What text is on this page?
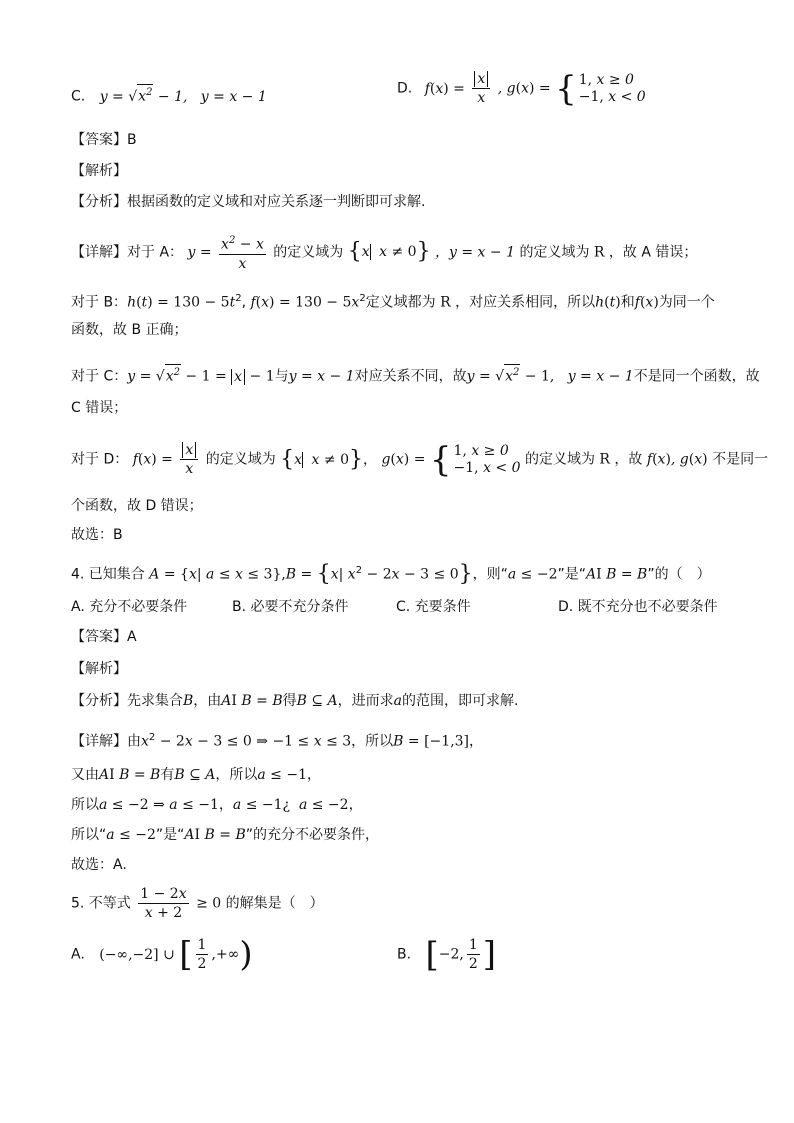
C. $y = √x^2 - 1$,   y = x − 1
D. $f(x) = \frac{x}{x}$ , g(x) = { 1, x ≥ 0
−1, x < 0
【答案】B
【解析】
【分析】根据函数的定义域和对应关系逐一判断即可求解.
【详解】对于 A： $y = \frac{x^2 - x}{x}$ 的定义域为 {x x ≠ 0} ，y = x − 1 的定义域为 R ，故 A 错误；
对于 B：$h(t) = 130 - 5t^2$, $f(x) = 130 - 5x^2$定义域都为 R ，对应关系相同，所以h(t)和f(x)为同一个
函数，故 B 正确；
对于 C：$y = √x^2 - 1 = x - 1$与y = x − 1对应关系不同，故$y = √x^2 - 1$,   y = x − 1不是同一个函数，故
C 错误；
对于 D： $f(x) = \frac{x}{x}$ 的定义域为 {x x ≠ 0}， g(x) = { 1, x ≥ 0
−1, x < 0 的定义域为 R ，故 f(x), g(x) 不是同一
个函数，故 D 错误；
故选：B
4. 已知集合 A = {x| a ≤ x ≤ 3},B = {x| $x^2 - 2x - 3 \le 0$}，则“a ≤ −2”是“AI B = B”的（　）
A. 充分不必要条件	B. 必要不充分条件	C. 充要条件	D. 既不充分也不必要条件
【答案】A
【解析】
【分析】先求集合B，由AI B = B得B ⊆ A，进而求a的范围，即可求解.
【详解】由$x^2 - 2x - 3 \le 0$ ⇒ −1 ≤ x ≤ 3，所以B = [−1,3]，
又由AI B = B有B ⊆ A，所以a ≤ −1，
所以a ≤ −2 ⇒ a ≤ −1，a ≤ −1¿  a ≤ −2，
所以“a ≤ −2”是“AI B = B”的充分不必要条件，
故选：A.
5. 不等式 $\frac{1 - 2x}{x + 2} \ge 0$ 的解集是（　）
A. (−∞,−2] ∪ [ $\frac{1}{2}$ ,+∞)	B. [−2, $\frac{1}{2}$ ]
